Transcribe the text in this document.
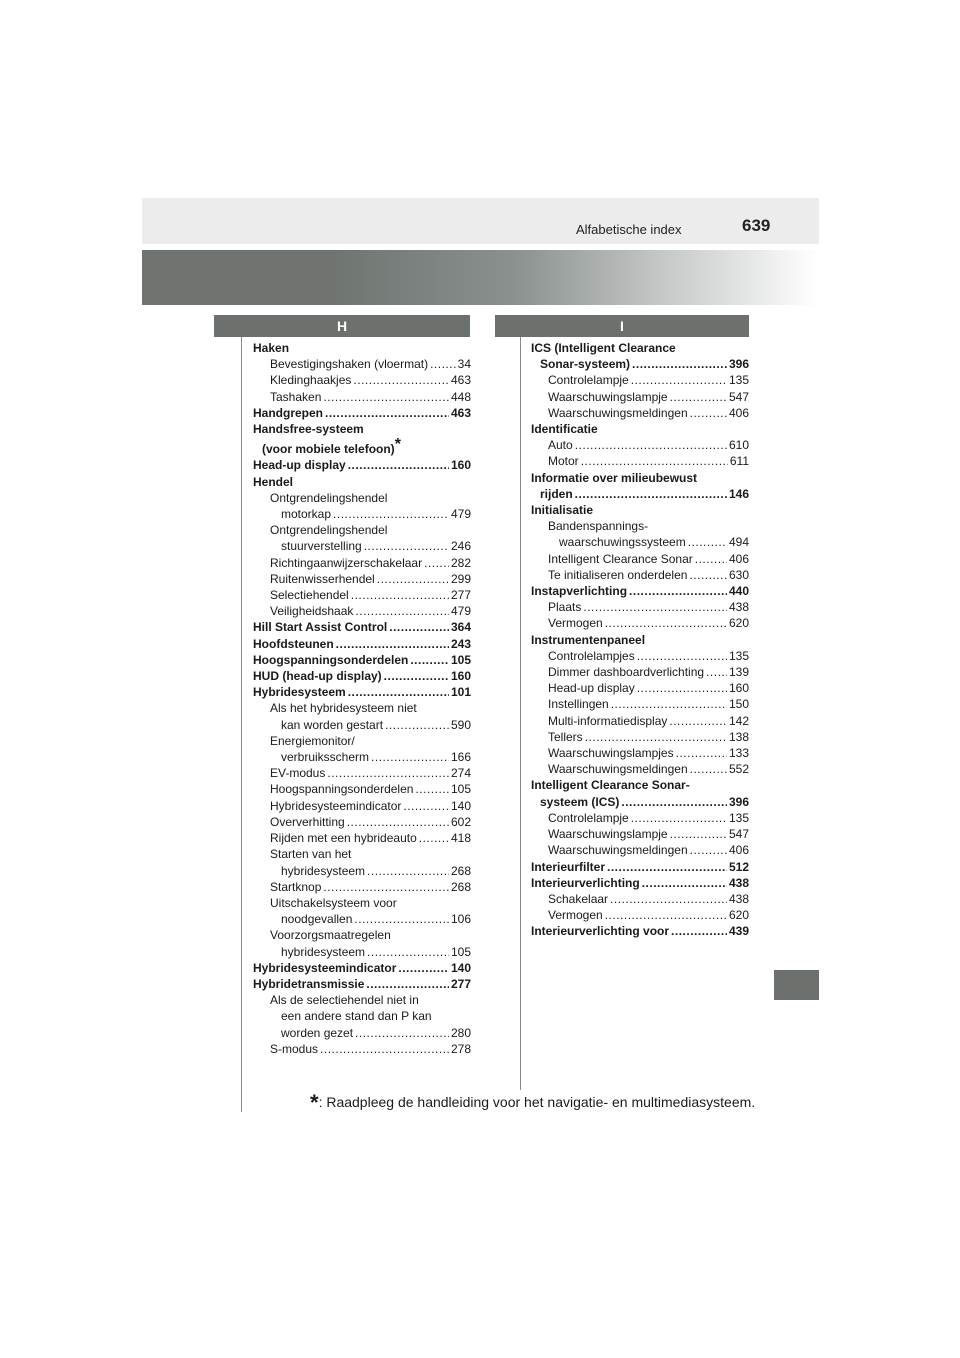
Alfabetische index	639
H	I
Haken
Bevestigingshaken (vloermat) ..... 34
Kledinghaakjes .....	463
Tashaken .....	448
Handgrepen .....	463
Handsfree-systeem
(voor mobiele telefoon)*
Head-up display .....	160
Hendel
Ontgrendelingshendel
motorkap .....	479
Ontgrendelingshendel
stuurverstelling .....	246
Richtingaanwijzerschakelaar ..... 282
Ruitenwisserhendel .....	299
Selectiehendel .....	277
Veiligheidshaak .....	479
Hill Start Assist Control .....	364
Hoofdsteunen .....	243
Hoogspanningsonderdelen .....	105
HUD (head-up display) .....	160
Hybridesysteem .....	101
Als het hybridesysteem niet
kan worden gestart .....	590
Energiemonitor/
verbruiksscherm .....	166
EV-modus .....	274
Hoogspanningsonderdelen .....	105
Hybridesysteemindicator .....	140
Oververhitting .....	602
Rijden met een hybrideauto .....	418
Starten van het
hybridesysteem .....	268
Startknop .....	268
Uitschakelsysteem voor
noodgevallen .....	106
Voorzorgsmaatregelen
hybridesysteem .....	105
Hybridesysteemindicator .....	140
Hybridetransmissie .....	277
Als de selectiehendel niet in
een andere stand dan P kan
worden gezet .....	280
S-modus .....	278
ICS (Intelligent Clearance
Sonar-systeem) .....	396
Controlelampje .....	135
Waarschuwingslampje .....	547
Waarschuwingsmeldingen .....	406
Identificatie
Auto .....	610
Motor .....	611
Informatie over milieubewust
rijden .....	146
Initialisatie
Bandenspannings-
waarschuwingssysteem .....	494
Intelligent Clearance Sonar .....	406
Te initialiseren onderdelen .....	630
Instapverlichting .....	440
Plaats .....	438
Vermogen .....	620
Instrumentenpaneel
Controlelampjes .....	135
Dimmer dashboardverlichting ..... 139
Head-up display .....	160
Instellingen .....	150
Multi-informatiedisplay .....	142
Tellers .....	138
Waarschuwingslampjes .....	133
Waarschuwingsmeldingen .....	552
Intelligent Clearance Sonar-
systeem (ICS) .....	396
Controlelampje .....	135
Waarschuwingslampje .....	547
Waarschuwingsmeldingen .....	406
Interieurfilter .....	512
Interieurverlichting .....	438
Schakelaar .....	438
Vermogen .....	620
Interieurverlichting voor .....	439
*: Raadpleeg de handleiding voor het navigatie- en multimediasysteem.
